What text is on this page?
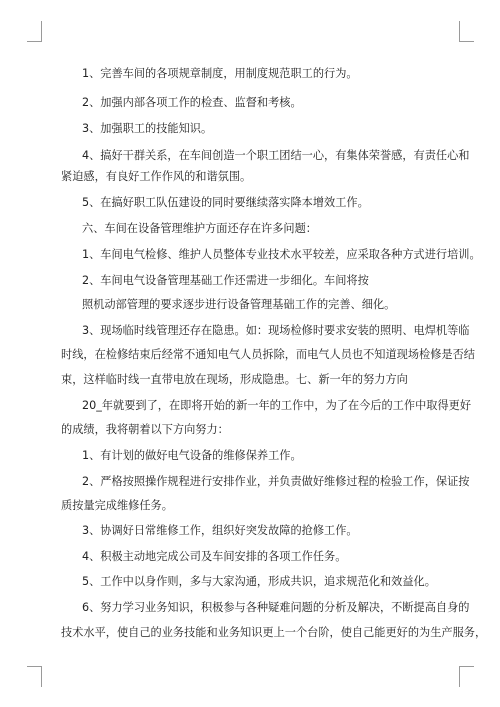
1、完善车间的各项规章制度，用制度规范职工的行为。
2、加强内部各项工作的检查、监督和考核。
3、加强职工的技能知识。
4、搞好干群关系，在车间创造一个职工团结一心，有集体荣誉感，有责任心和
紧迫感，有良好工作作风的和谐氛围。
5、在搞好职工队伍建设的同时要继续落实降本增效工作。
六、车间在设备管理维护方面还存在许多问题：
1、车间电气检修、维护人员整体专业技术水平较差，应采取各种方式进行培训。
2、车间电气设备管理基础工作还需进一步细化。车间将按
照机动部管理的要求逐步进行设备管理基础工作的完善、细化。
3、现场临时线管理还存在隐患。如：现场检修时要求安装的照明、电焊机等临
时线，在检修结束后经常不通知电气人员拆除，而电气人员也不知道现场检修是否结
束，这样临时线一直带电放在现场，形成隐患。七、新一年的努力方向
20_年就要到了，在即将开始的新一年的工作中，为了在今后的工作中取得更好
的成绩，我将朝着以下方向努力：
1、有计划的做好电气设备的维修保养工作。
2、严格按照操作规程进行安排作业，并负责做好维修过程的检验工作，保证按
质按量完成维修任务。
3、协调好日常维修工作，组织好突发故障的抢修工作。
4、积极主动地完成公司及车间安排的各项工作任务。
5、工作中以身作则，多与大家沟通，形成共识，追求规范化和效益化。
6、努力学习业务知识，积极参与各种疑难问题的分析及解决，不断提高自身的
技术水平，使自己的业务技能和业务知识更上一个台阶，使自己能更好的为生产服务，
